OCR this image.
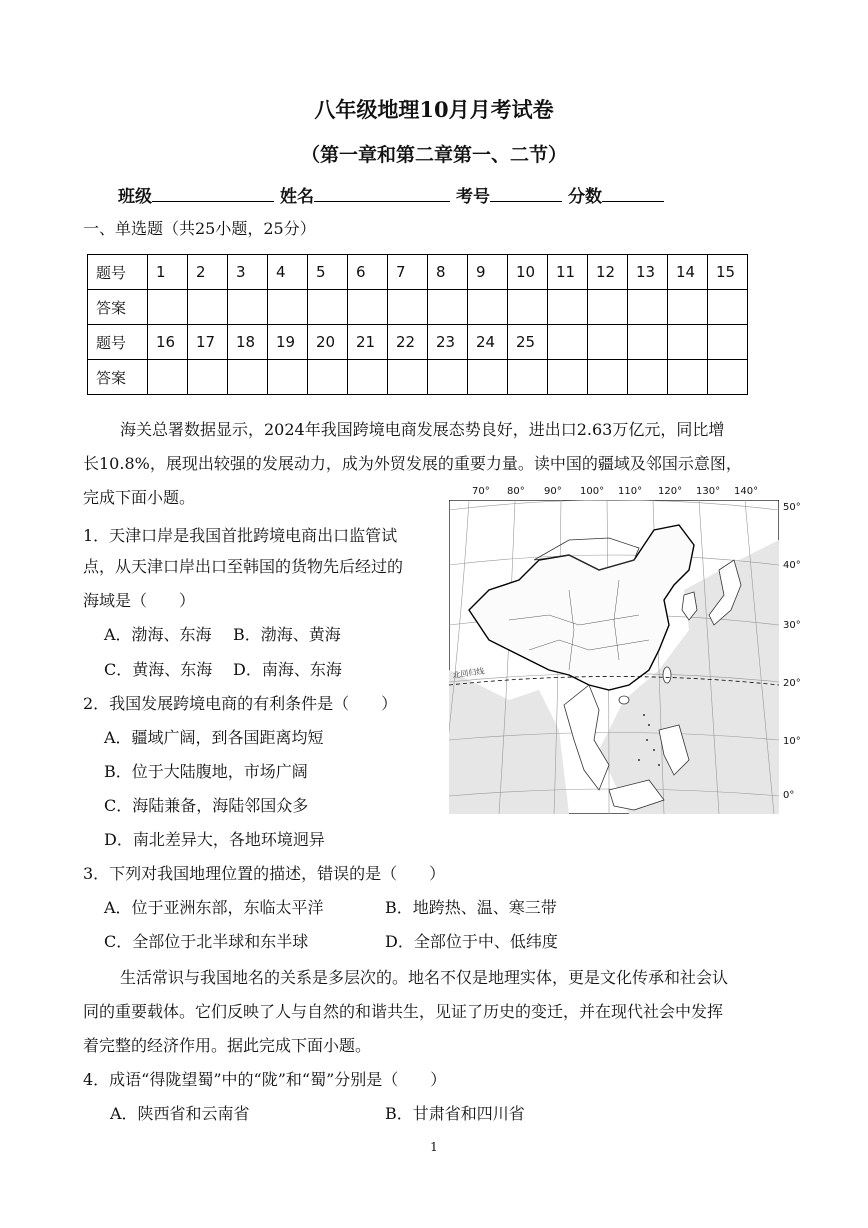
八年级地理10月月考试卷
（第一章和第二章第一、二节）
班级	姓名	考号	分数
一、单选题（共25小题，25分）
题号	1	2	3	4	5	6	7	8	9	10	11	12	13	14	15
答案															
题号	16	17	18	19	20	21	22	23	24	25					
答案															
海关总署数据显示，2024年我国跨境电商发展态势良好，进出口2.63万亿元，同比增
长10.8%，展现出较强的发展动力，成为外贸发展的重要力量。读中国的疆域及邻国示意图，
完成下面小题。
北回归线
70° 80° 90° 100° 110° 120° 130° 140°
50°
40°
30°
20°
10°
0°
1．天津口岸是我国首批跨境电商出口监管试
点，从天津口岸出口至韩国的货物先后经过的
海域是（　　）
A．渤海、东海 B．渤海、黄海
C．黄海、东海 D．南海、东海
2．我国发展跨境电商的有利条件是（　　）
A．疆域广阔，到各国距离均短
B．位于大陆腹地，市场广阔
C．海陆兼备，海陆邻国众多
D．南北差异大，各地环境迥异
3．下列对我国地理位置的描述，错误的是（　　）
A．位于亚洲东部，东临太平洋	B．地跨热、温、寒三带
C．全部位于北半球和东半球	D．全部位于中、低纬度
生活常识与我国地名的关系是多层次的。地名不仅是地理实体，更是文化传承和社会认
同的重要载体。它们反映了人与自然的和谐共生，见证了历史的变迁，并在现代社会中发挥
着完整的经济作用。据此完成下面小题。
4．成语“得陇望蜀”中的“陇”和“蜀”分别是（　　）
A．陕西省和云南省	B．甘肃省和四川省
1
